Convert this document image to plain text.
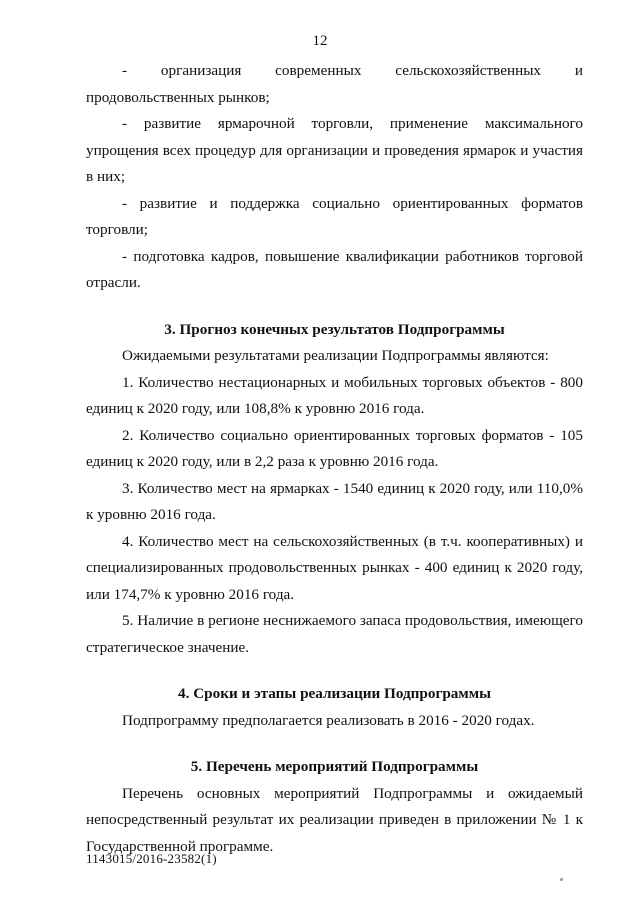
12

- организация современных сельскохозяйственных и продовольственных рынков;

- развитие ярмарочной торговли, применение максимального упрощения всех процедур для организации и проведения ярмарок и участия в них;

- развитие и поддержка социально ориентированных форматов торговли;

- подготовка кадров, повышение квалификации работников торговой отрасли.

3. Прогноз конечных результатов Подпрограммы

Ожидаемыми результатами реализации Подпрограммы являются:

1. Количество нестационарных и мобильных торговых объектов - 800 единиц к 2020 году, или 108,8% к уровню 2016 года.

2. Количество социально ориентированных торговых форматов - 105 единиц к 2020 году, или в 2,2 раза к уровню 2016 года.

3. Количество мест на ярмарках - 1540 единиц к 2020 году, или 110,0% к уровню 2016 года.

4. Количество мест на сельскохозяйственных (в т.ч. кооперативных) и специализированных продовольственных рынках - 400 единиц к 2020 году, или 174,7% к уровню 2016 года.

5. Наличие в регионе неснижаемого запаса продовольствия, имеющего стратегическое значение.

4. Сроки и этапы реализации Подпрограммы

Подпрограмму предполагается реализовать в 2016 - 2020 годах.

5. Перечень мероприятий Подпрограммы

Перечень основных мероприятий Подпрограммы и ожидаемый непосредственный результат их реализации приведен в приложении № 1 к Государственной программе.

1143015/2016-23582(1)
